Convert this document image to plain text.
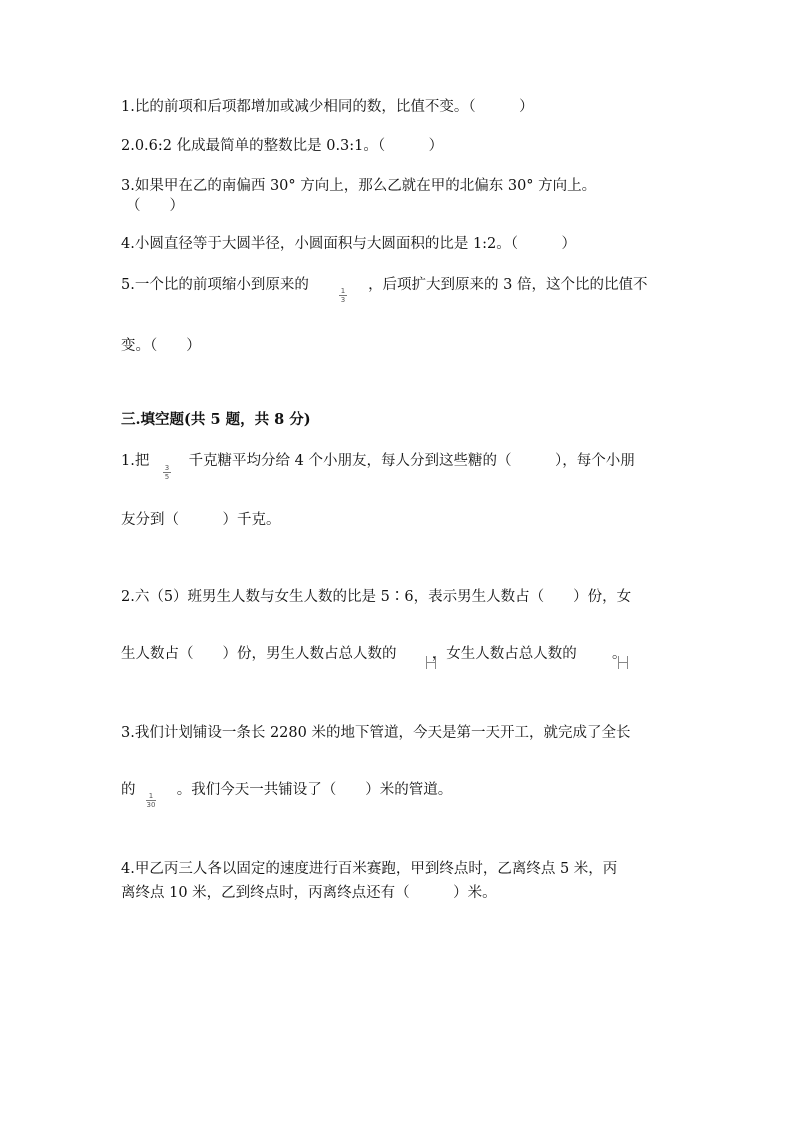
1.比的前项和后项都增加或减少相同的数，比值不变。（　　　）
2.0.6:2 化成最简单的整数比是 0.3:1。（　　　）
3.如果甲在乙的南偏西 30° 方向上，那么乙就在甲的北偏东 30° 方向上。
（　　）
4.小圆直径等于大圆半径，小圆面积与大圆面积的比是 1:2。（　　　）
5.一个比的前项缩小到原来的	，后项扩大到原来的 3 倍，这个比的比值不
1
3
变。（　　）
三.填空题(共 5 题，共 8 分)
1.把	千克糖平均分给 4 个小朋友，每人分到这些糖的（　　　），每个小朋
3
5
友分到（　　　）千克。
2.六（5）班男生人数与女生人数的比是 5∶6，表示男生人数占（　　）份，女
生人数占（　　）份，男生人数占总人数的 ，女生人数占总人数的 。
3.我们计划铺设一条长 2280 米的地下管道，今天是第一天开工，就完成了全长
的	。我们今天一共铺设了（　　）米的管道。
1
30
4.甲乙丙三人各以固定的速度进行百米赛跑，甲到终点时，乙离终点 5 米，丙
离终点 10 米，乙到终点时，丙离终点还有（　　　）米。
